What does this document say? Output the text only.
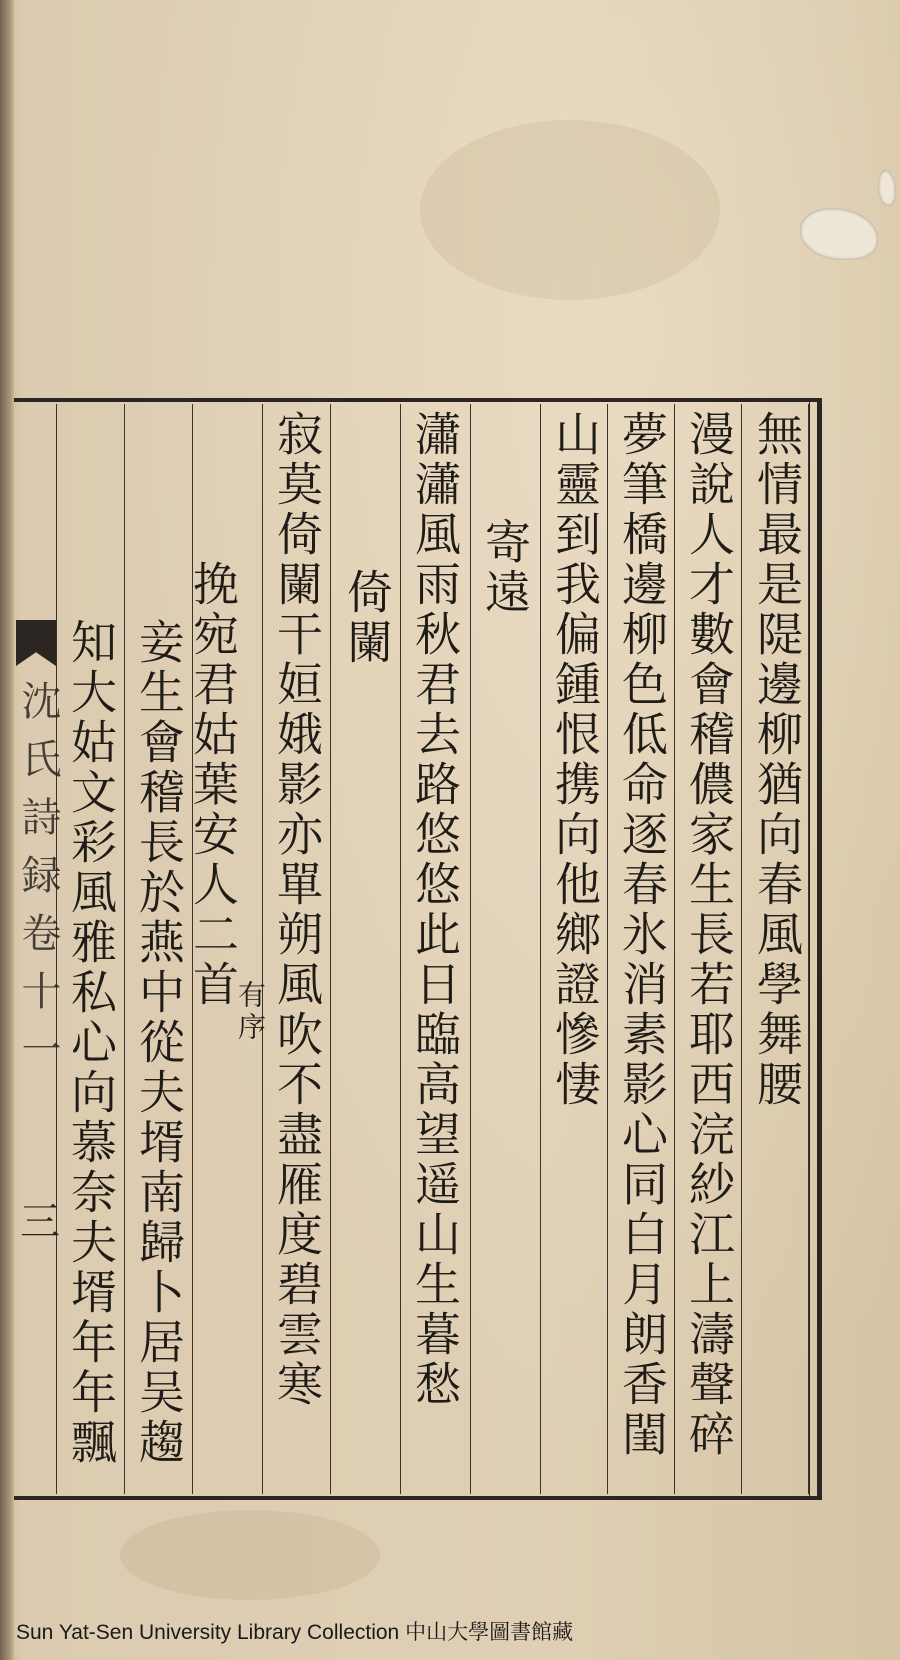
無情最是隄邊柳猶向春風學舞腰
漫說人才數會稽儂家生長若耶西浣紗江上濤聲碎
夢筆橋邊柳色低命逐春氷消素影心同白月朗香閨
山靈到我偏鍾恨携向他鄉證慘悽
寄遠
瀟瀟風雨秋君去路悠悠此日臨高望遥山生暮愁
倚闌
寂莫倚闌干姮娥影亦單朔風吹不盡雁度碧雲寒
挽宛君姑葉安人二首
有序
妾生會稽長於燕中從夫壻南歸卜居吴趨
知大姑文彩風雅私心向慕奈夫壻年年飄
沈氏詩録卷十一
三
Sun Yat-Sen University Library Collection 中山大學圖書館藏
